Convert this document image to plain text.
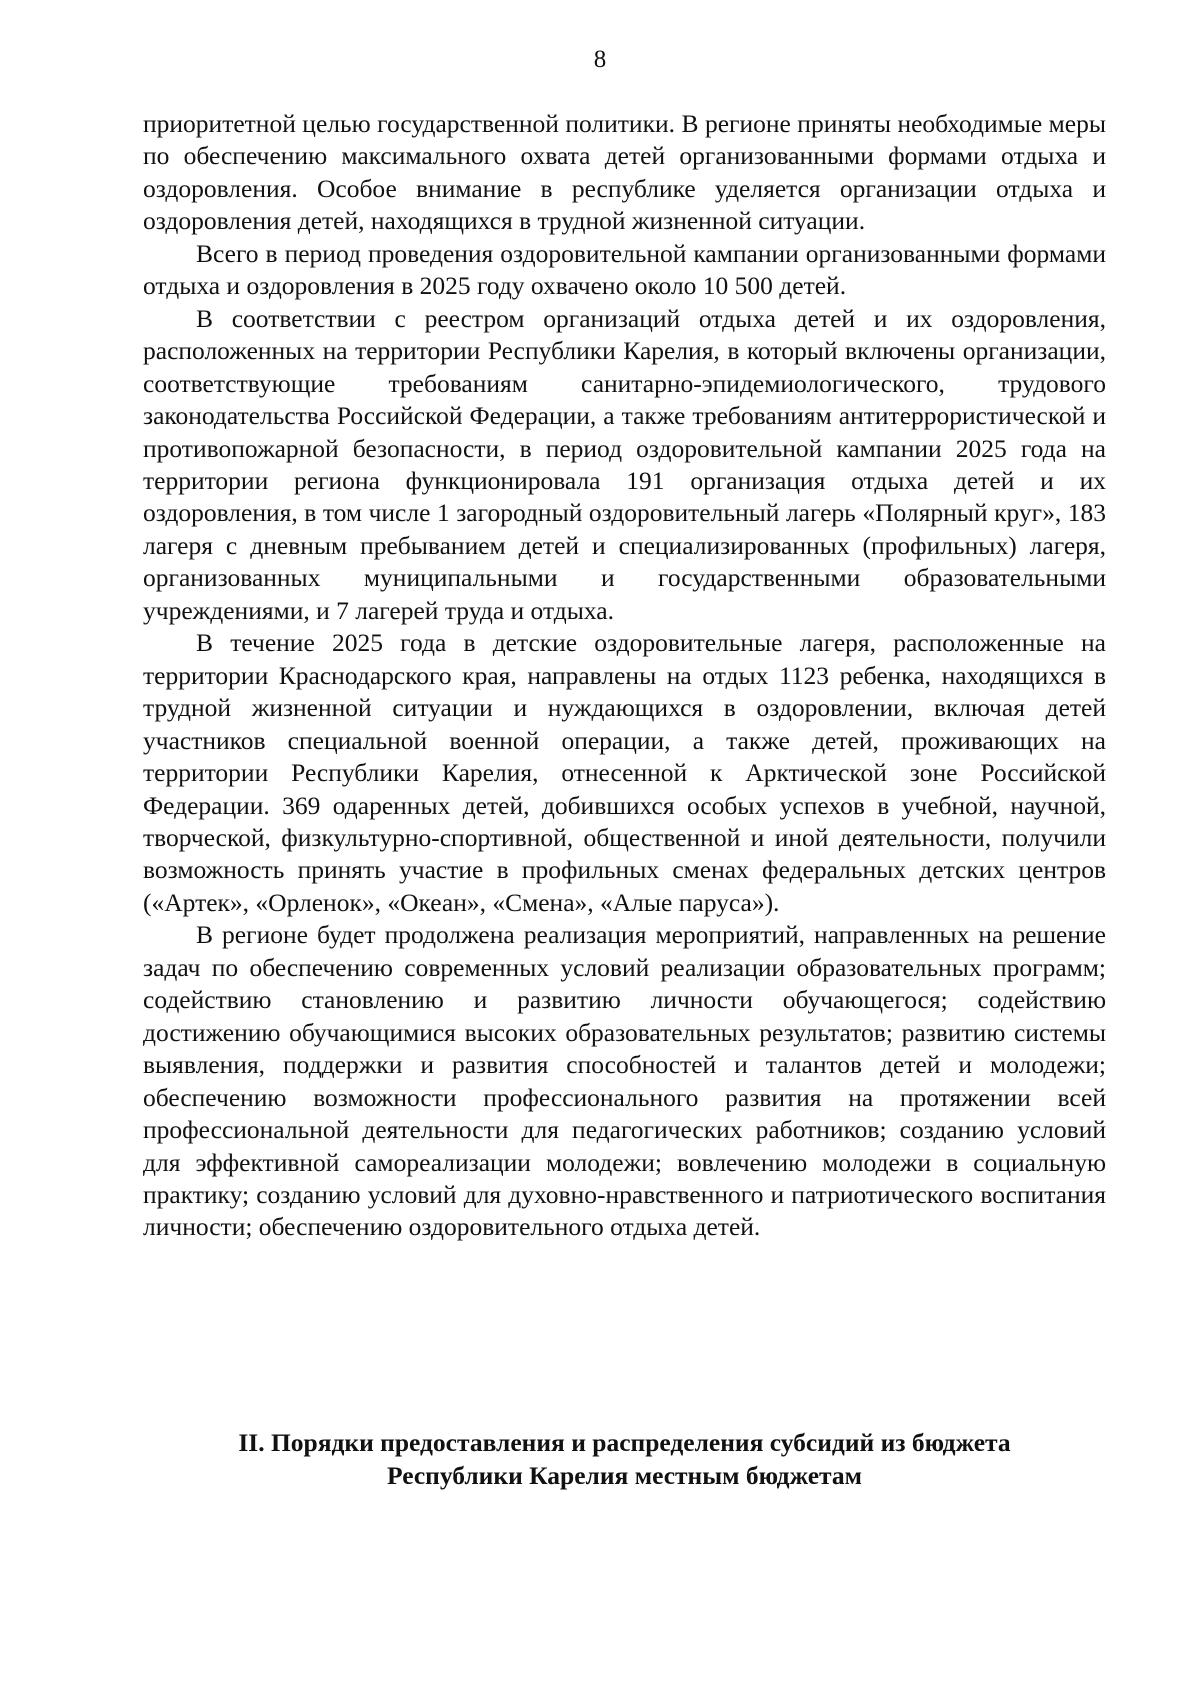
8

приоритетной целью государственной политики. В регионе приняты необходимые меры по обеспечению максимального охвата детей организованными формами отдыха и оздоровления. Особое внимание в республике уделяется организации отдыха и оздоровления детей, находящихся в трудной жизненной ситуации.

Всего в период проведения оздоровительной кампании организованными формами отдыха и оздоровления в 2025 году охвачено около 10 500 детей.

В соответствии с реестром организаций отдыха детей и их оздоровления, расположенных на территории Республики Карелия, в который включены организации, соответствующие требованиям санитарно-эпидемиологического, трудового законодательства Российской Федерации, а также требованиям антитеррористической и противопожарной безопасности, в период оздоровительной кампании 2025 года на территории региона функционировала 191 организация отдыха детей и их оздоровления, в том числе 1 загородный оздоровительный лагерь «Полярный круг», 183 лагеря с дневным пребыванием детей и специализированных (профильных) лагеря, организованных муниципальными и государственными образовательными учреждениями, и 7 лагерей труда и отдыха.

В течение 2025 года в детские оздоровительные лагеря, расположенные на территории Краснодарского края, направлены на отдых 1123 ребенка, находящихся в трудной жизненной ситуации и нуждающихся в оздоровлении, включая детей участников специальной военной операции, а также детей, проживающих на территории Республики Карелия, отнесенной к Арктической зоне Российской Федерации. 369 одаренных детей, добившихся особых успехов в учебной, научной, творческой, физкультурно-спортивной, общественной и иной деятельности, получили возможность принять участие в профильных сменах федеральных детских центров («Артек», «Орленок», «Океан», «Смена», «Алые паруса»).

В регионе будет продолжена реализация мероприятий, направленных на решение задач по обеспечению современных условий реализации образовательных программ; содействию становлению и развитию личности обучающегося; содействию достижению обучающимися высоких образовательных результатов; развитию системы выявления, поддержки и развития способностей и талантов детей и молодежи; обеспечению возможности профессионального развития на протяжении всей профессиональной деятельности для педагогических работников; созданию условий для эффективной самореализации молодежи; вовлечению молодежи в социальную практику; созданию условий для духовно-нравственного и патриотического воспитания личности; обеспечению оздоровительного отдыха детей.

II. Порядки предоставления и распределения субсидий из бюджета
Республики Карелия местным бюджетам
